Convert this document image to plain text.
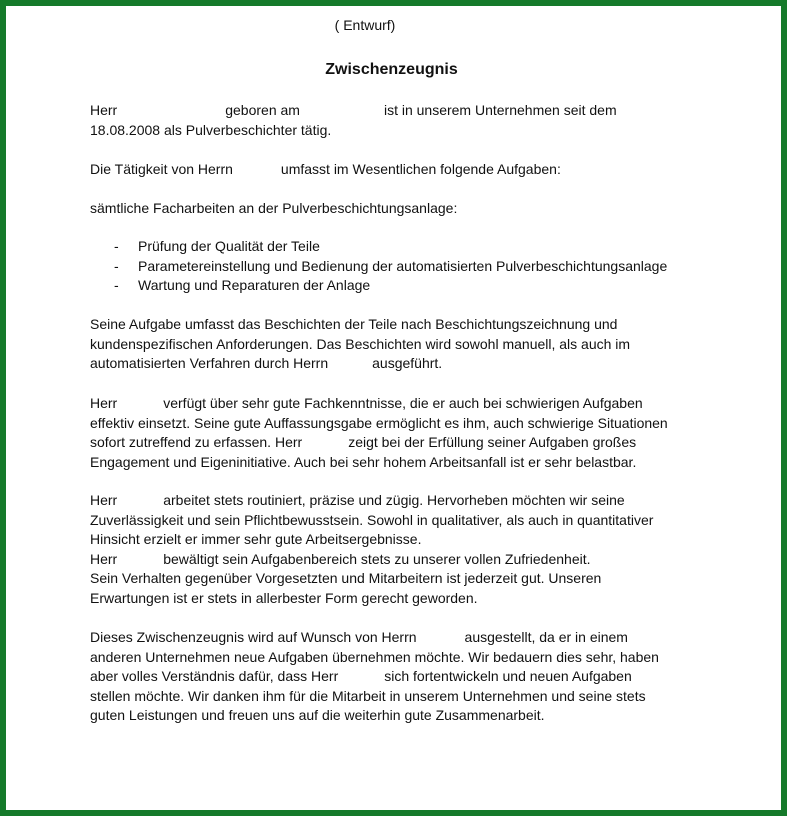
( Entwurf)
Zwischenzeugnis
Herr	geboren am	ist in unserem Unternehmen seit dem
18.08.2008 als Pulverbeschichter tätig.
Die Tätigkeit von Herrn	umfasst im Wesentlichen folgende Aufgaben:
sämtliche Facharbeiten an der Pulverbeschichtungsanlage:
- Prüfung der Qualität der Teile
- Parametereinstellung und Bedienung der automatisierten Pulverbeschichtungsanlage
- Wartung und Reparaturen der Anlage
Seine Aufgabe umfasst das Beschichten der Teile nach Beschichtungszeichnung und
kundenspezifischen Anforderungen. Das Beschichten wird sowohl manuell, als auch im
automatisierten Verfahren durch Herrn	ausgeführt.
Herr	verfügt über sehr gute Fachkenntnisse, die er auch bei schwierigen Aufgaben
effektiv einsetzt. Seine gute Auffassungsgabe ermöglicht es ihm, auch schwierige Situationen
sofort zutreffend zu erfassen. Herr	zeigt bei der Erfüllung seiner Aufgaben großes
Engagement und Eigeninitiative. Auch bei sehr hohem Arbeitsanfall ist er sehr belastbar.
Herr	arbeitet stets routiniert, präzise und zügig. Hervorheben möchten wir seine
Zuverlässigkeit und sein Pflichtbewusstsein. Sowohl in qualitativer, als auch in quantitativer
Hinsicht erzielt er immer sehr gute Arbeitsergebnisse.
Herr	bewältigt sein Aufgabenbereich stets zu unserer vollen Zufriedenheit.
Sein Verhalten gegenüber Vorgesetzten und Mitarbeitern ist jederzeit gut. Unseren
Erwartungen ist er stets in allerbester Form gerecht geworden.
Dieses Zwischenzeugnis wird auf Wunsch von Herrn	ausgestellt, da er in einem
anderen Unternehmen neue Aufgaben übernehmen möchte. Wir bedauern dies sehr, haben
aber volles Verständnis dafür, dass Herr	sich fortentwickeln und neuen Aufgaben
stellen möchte. Wir danken ihm für die Mitarbeit in unserem Unternehmen und seine stets
guten Leistungen und freuen uns auf die weiterhin gute Zusammenarbeit.
